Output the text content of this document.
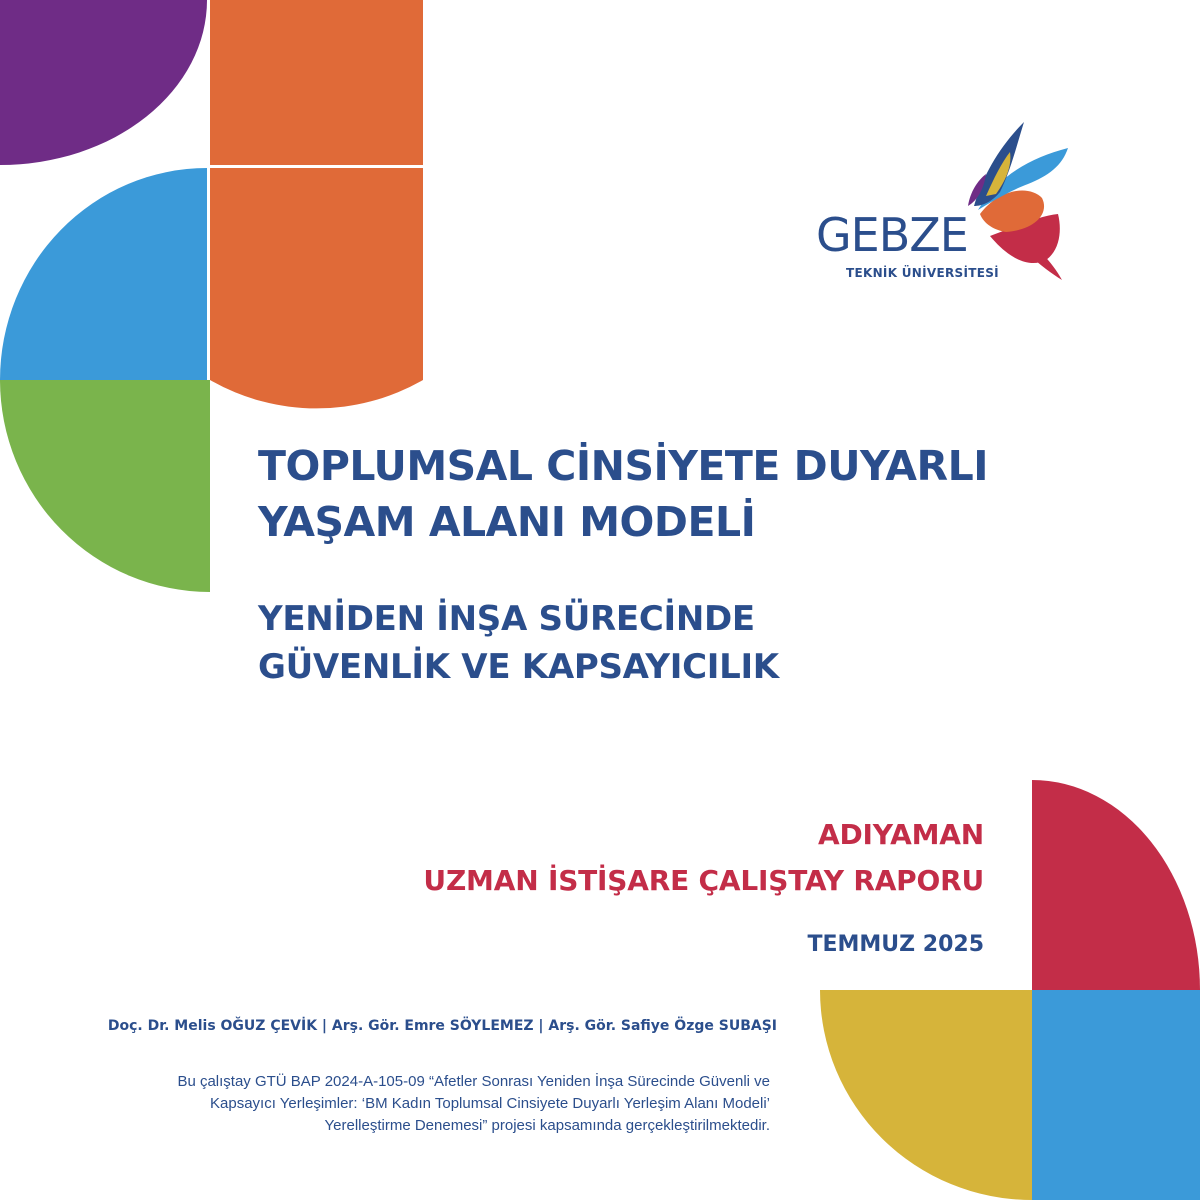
GEBZE
TEKNİK ÜNİVERSİTESİ
TOPLUMSAL CİNSİYETE DUYARLI
YAŞAM ALANI MODELİ
YENİDEN İNŞA SÜRECİNDE
GÜVENLİK VE KAPSAYICILIK
ADIYAMAN
UZMAN İSTİŞARE ÇALIŞTAY RAPORU
TEMMUZ 2025
Doç. Dr. Melis OĞUZ ÇEVİK | Arş. Gör. Emre SÖYLEMEZ | Arş. Gör. Safiye Özge SUBAŞI
Bu çalıştay GTÜ BAP 2024-A-105-09 “Afetler Sonrası Yeniden İnşa Sürecinde Güvenli ve
Kapsayıcı Yerleşimler: ‘BM Kadın Toplumsal Cinsiyete Duyarlı Yerleşim Alanı Modeli’
Yerelleştirme Denemesi” projesi kapsamında gerçekleştirilmektedir.
